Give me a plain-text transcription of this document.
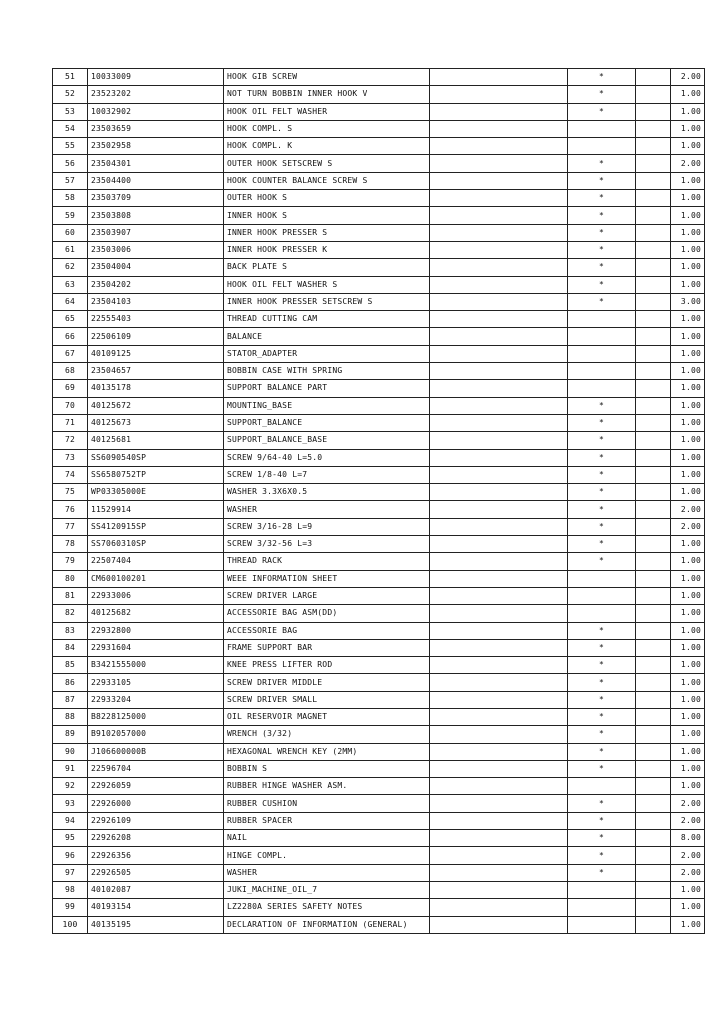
51	10033009	HOOK GIB SCREW		*		2.00
52	23523202	NOT TURN BOBBIN INNER HOOK V		*		1.00
53	10032902	HOOK OIL FELT WASHER		*		1.00
54	23503659	HOOK COMPL. S				1.00
55	23502958	HOOK COMPL. K				1.00
56	23504301	OUTER HOOK SETSCREW S		*		2.00
57	23504400	HOOK COUNTER BALANCE SCREW S		*		1.00
58	23503709	OUTER HOOK S		*		1.00
59	23503808	INNER HOOK S		*		1.00
60	23503907	INNER HOOK PRESSER S		*		1.00
61	23503006	INNER HOOK PRESSER K		*		1.00
62	23504004	BACK PLATE S		*		1.00
63	23504202	HOOK OIL FELT WASHER S		*		1.00
64	23504103	INNER HOOK PRESSER SETSCREW S		*		3.00
65	22555403	THREAD CUTTING CAM				1.00
66	22506109	BALANCE				1.00
67	40109125	STATOR_ADAPTER				1.00
68	23504657	BOBBIN CASE WITH SPRING				1.00
69	40135178	SUPPORT BALANCE PART				1.00
70	40125672	MOUNTING_BASE		*		1.00
71	40125673	SUPPORT_BALANCE		*		1.00
72	40125681	SUPPORT_BALANCE_BASE		*		1.00
73	SS6090540SP	SCREW 9/64-40 L=5.0		*		1.00
74	SS6580752TP	SCREW 1/8-40 L=7		*		1.00
75	WP03305000E	WASHER 3.3X6X0.5		*		1.00
76	11529914	WASHER		*		2.00
77	SS4120915SP	SCREW 3/16-28 L=9		*		2.00
78	SS7060310SP	SCREW 3/32-56 L=3		*		1.00
79	22507404	THREAD RACK		*		1.00
80	CM600100201	WEEE INFORMATION SHEET				1.00
81	22933006	SCREW DRIVER LARGE				1.00
82	40125682	ACCESSORIE BAG ASM(DD)				1.00
83	22932800	ACCESSORIE BAG		*		1.00
84	22931604	FRAME SUPPORT BAR		*		1.00
85	B3421555000	KNEE PRESS LIFTER ROD		*		1.00
86	22933105	SCREW DRIVER MIDDLE		*		1.00
87	22933204	SCREW DRIVER SMALL		*		1.00
88	B8228125000	OIL RESERVOIR MAGNET		*		1.00
89	B9102057000	WRENCH (3/32)		*		1.00
90	J106600000B	HEXAGONAL WRENCH KEY (2MM)		*		1.00
91	22596704	BOBBIN S		*		1.00
92	22926059	RUBBER HINGE WASHER ASM.				1.00
93	22926000	RUBBER CUSHION		*		2.00
94	22926109	RUBBER SPACER		*		2.00
95	22926208	NAIL		*		8.00
96	22926356	HINGE COMPL.		*		2.00
97	22926505	WASHER		*		2.00
98	40102087	JUKI_MACHINE_OIL_7				1.00
99	40193154	LZ2280A SERIES SAFETY NOTES				1.00
100	40135195	DECLARATION OF INFORMATION (GENERAL)				1.00
